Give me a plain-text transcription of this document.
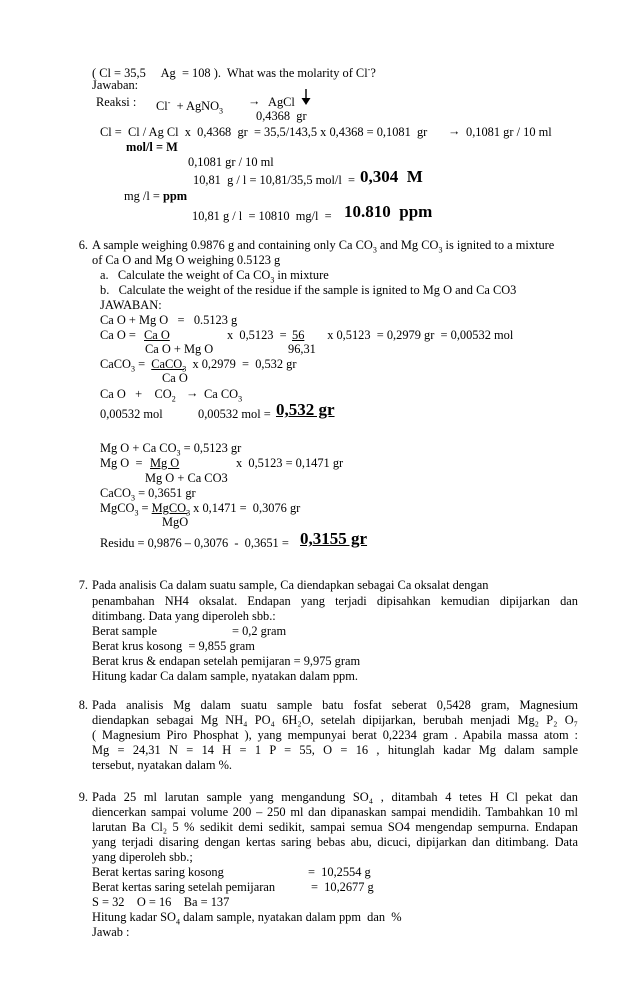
( Cl = 35,5     Ag  = 108 ).  What was the molarity of Cl-?
Jawaban:
Reaksi : Cl- + AgNO$_3$
→ AgCl
0,4368  gr
Cl =  Cl / Ag Cl  x  0,4368  gr  = 35,5/143,5 x 0,4368 = 0,1081  gr → 0,1081 gr / 10 ml
mol/l = M
0,1081 gr / 10 ml
10,81  g / l = 10,81/35,5 mol/l  = 0,304  M
mg /l = ppm
10,81 g / l  = 10810  mg/l  = 10.810  ppm
6. A sample weighing 0.9876 g and containing only Ca $CO_3$ and Mg $CO_3$ is ignited to a mixture
of Ca O and Mg O weighing 0.5123 g
a.   Calculate the weight of Ca $CO_3$ in mixture
b.   Calculate the weight of the residue if the sample is ignited to Mg O and Ca CO3
JAWABAN:
Ca O + Mg O   =   0.5123 g
Ca O = Ca O	x  0,5123  = 56	x 0,5123  = 0,2979 gr  = 0,00532 mol
Ca O + Mg O	96,31
CaCO$_3$ =  CaCO$_3$  x 0,2979  =  0,532 gr
Ca O
Ca O   +    $CO_2 \to Ca$ $CO_3$
0,00532 mol	0,00532 mol = 0,532 gr
Mg O + Ca $CO_3 = 0,5123$ gr
Mg O  = Mg O	x  0,5123 = 0,1471 gr
Mg O + Ca CO3
CaCO$_3$ = 0,3651 gr
MgCO$_3$ = MgCO$_3$ x 0,1471 =  0,3076 gr
MgO
Residu = 0,9876 – 0,3076  -  0,3651 = 0,3155 gr
7. Pada analisis Ca dalam suatu sample, Ca diendapkan sebagai Ca oksalat dengan
penambahan NH4 oksalat. Endapan yang terjadi dipisahkan kemudian dipijarkan dan
ditimbang. Data yang diperoleh sbb.:
Berat sample	= 0,2 gram
Berat krus kosong  = 9,855 gram
Berat krus & endapan setelah pemijaran = 9,975 gram
Hitung kadar Ca dalam sample, nyatakan dalam ppm.
8. Pada analisis Mg dalam suatu sample batu fosfat seberat 0,5428 gram, Magnesium
diendapkan sebagai Mg NH₄ PO₄ 6H₂O, setelah dipijarkan, berubah menjadi Mg₂ P₂ O₇
( Magnesium Piro Phosphat ), yang mempunyai berat 0,2234 gram . Apabila massa atom :
Mg = 24,31 N = 14 H = 1 P = 55, O = 16 , hitunglah kadar Mg dalam sample
tersebut, nyatakan dalam %.
9. Pada 25 ml larutan sample yang mengandung SO₄ , ditambah 4 tetes H Cl pekat dan
diencerkan sampai volume 200 – 250 ml dan dipanaskan sampai mendidih. Tambahkan 10 ml
larutan Ba Cl₂ 5 % sedikit demi sedikit, sampai semua SO4 mengendap sempurna. Endapan
yang terjadi disaring dengan kertas saring bebas abu, dicuci, dipijarkan dan ditimbang. Data
yang diperoleh sbb.;
Berat kertas saring kosong	=  10,2554 g
Berat kertas saring setelah pemijaran	=  10,2677 g
S = 32    O = 16    Ba = 137
Hitung kadar $SO_4$ dalam sample, nyatakan dalam ppm  dan  %
Jawab :
